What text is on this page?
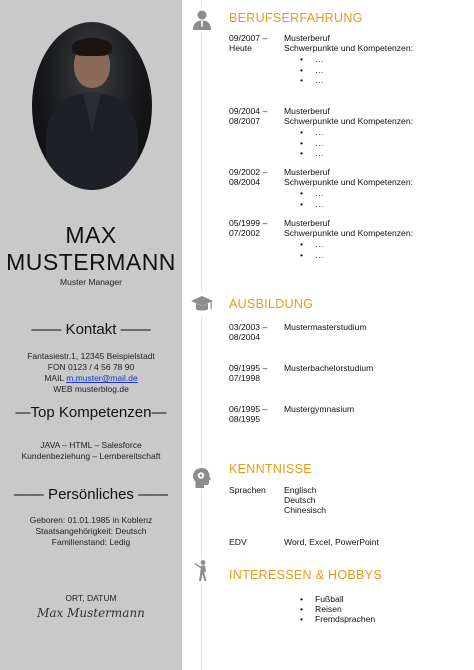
MAX
MUSTERMANN
Muster Manager
—— Kontakt ——
Fantasiestr.1, 12345 Beispielstadt
FON 0123 / 4 56 78 90
MAIL m.muster@mail.de
WEB musterblog.de
—Top Kompetenzen—
JAVA – HTML – Salesforce
Kundenbeziehung – Lernbereitschaft
—— Persönliches ——
Geboren: 01.01.1985 in Koblenz
Staatsangehörigkeit: Deutsch
Familienstand: Ledig
ORT, DATUM
Max Mustermann
BERUFSERFAHRUNG
09/2007 –
Heute
Musterberuf
Schwerpunkte und Kompetenzen:
• …
• …
• …
09/2004 –
08/2007
Musterberuf
Schwerpunkte und Kompetenzen:
• …
• …
• …
09/2002 –
08/2004
Musterberuf
Schwerpunkte und Kompetenzen:
• …
• …
05/1999 –
07/2002
Musterberuf
Schwerpunkte und Kompetenzen:
• …
• …
AUSBILDUNG
03/2003 –
08/2004
Mustermasterstudium
09/1995 –
07/1998
Musterbachelorstudium
06/1995 –
08/1995
Mustergymnasium
KENNTNISSE
Sprachen	Englisch
Deutsch
Chinesisch
EDV	Word, Excel, PowerPoint
INTERESSEN & HOBBYS
• Fußball
• Reisen
• Fremdsprachen
